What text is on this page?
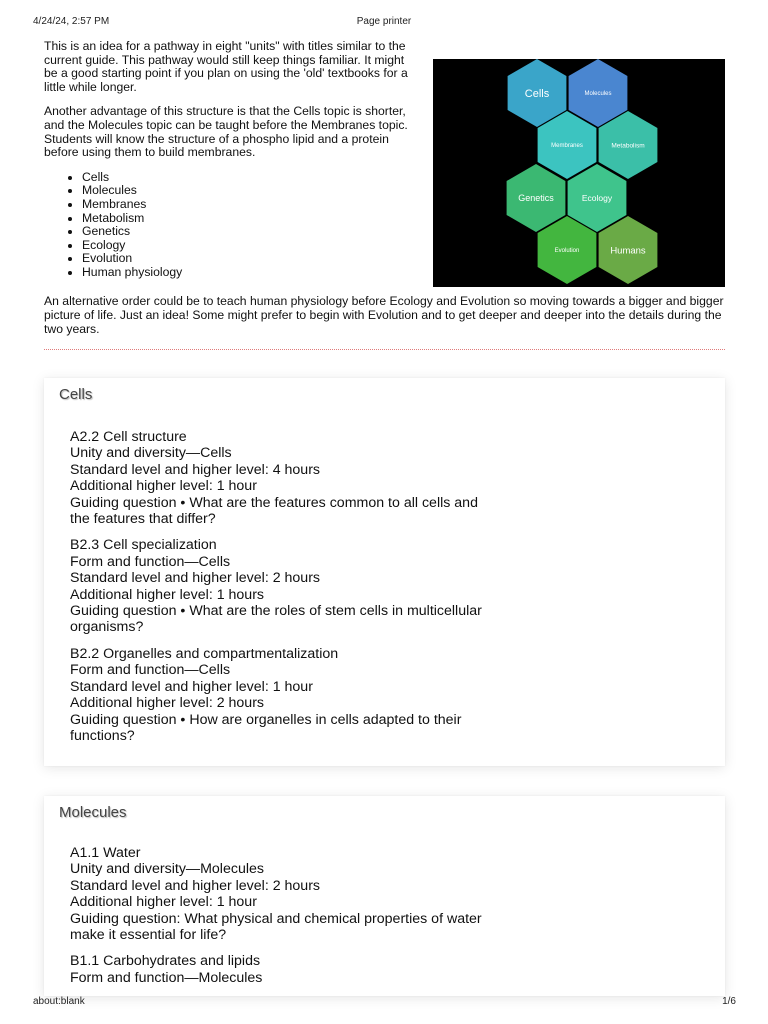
4/24/24, 2:57 PM	Page printer

This is an idea for a pathway in eight "units" with titles similar to the current guide. This pathway would still keep things familiar. It might be a good starting point if you plan on using the 'old' textbooks for a little while longer.

Another advantage of this structure is that the Cells topic is shorter, and the Molecules topic can be taught before the Membranes topic. Students will know the structure of a phospho lipid and a protein before using them to build membranes.

• Cells
• Molecules
• Membranes
• Metabolism
• Genetics
• Ecology
• Evolution
• Human physiology
Cells	Molecules
Membranes	Metabolism
Genetics	Ecology
Evolution	Humans
An alternative order could be to teach human physiology before Ecology and Evolution so moving towards a bigger and bigger picture of life. Just an idea! Some might prefer to begin with Evolution and to get deeper and deeper into the details during the two years.
Cells
A2.2 Cell structure
Unity and diversity—Cells
Standard level and higher level: 4 hours
Additional higher level: 1 hour
Guiding question • What are the features common to all cells and the features that differ?
B2.3 Cell specialization
Form and function—Cells
Standard level and higher level: 2 hours
Additional higher level: 1 hours
Guiding question • What are the roles of stem cells in multicellular organisms?
B2.2 Organelles and compartmentalization
Form and function—Cells
Standard level and higher level: 1 hour
Additional higher level: 2 hours
Guiding question • How are organelles in cells adapted to their functions?
Molecules
A1.1 Water
Unity and diversity—Molecules
Standard level and higher level: 2 hours
Additional higher level: 1 hour
Guiding question: What physical and chemical properties of water make it essential for life?
B1.1 Carbohydrates and lipids
Form and function—Molecules
about:blank	1/6
